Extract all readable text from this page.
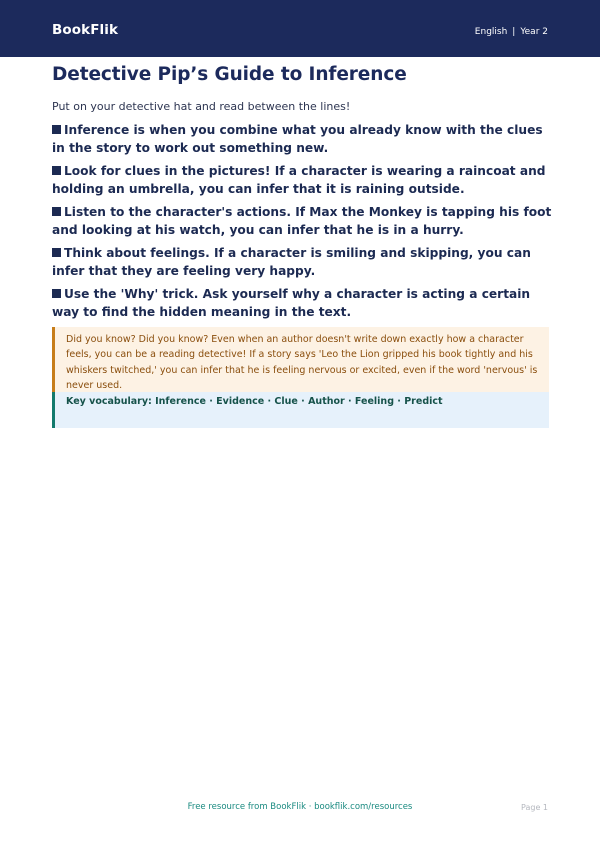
BookFlik	English | Year 2
Detective Pip’s Guide to Inference
Put on your detective hat and read between the lines!
Inference is when you combine what you already know with the clues in the story to work out something new.
Look for clues in the pictures! If a character is wearing a raincoat and holding an umbrella, you can infer that it is raining outside.
Listen to the character's actions. If Max the Monkey is tapping his foot and looking at his watch, you can infer that he is in a hurry.
Think about feelings. If a character is smiling and skipping, you can infer that they are feeling very happy.
Use the 'Why' trick. Ask yourself why a character is acting a certain way to find the hidden meaning in the text.
Did you know? Did you know? Even when an author doesn't write down exactly how a character feels, you can be a reading detective! If a story says 'Leo the Lion gripped his book tightly and his whiskers twitched,' you can infer that he is feeling nervous or excited, even if the word 'nervous' is never used.
Key vocabulary: Inference · Evidence · Clue · Author · Feeling · Predict
Free resource from BookFlik · bookflik.com/resources	Page 1
